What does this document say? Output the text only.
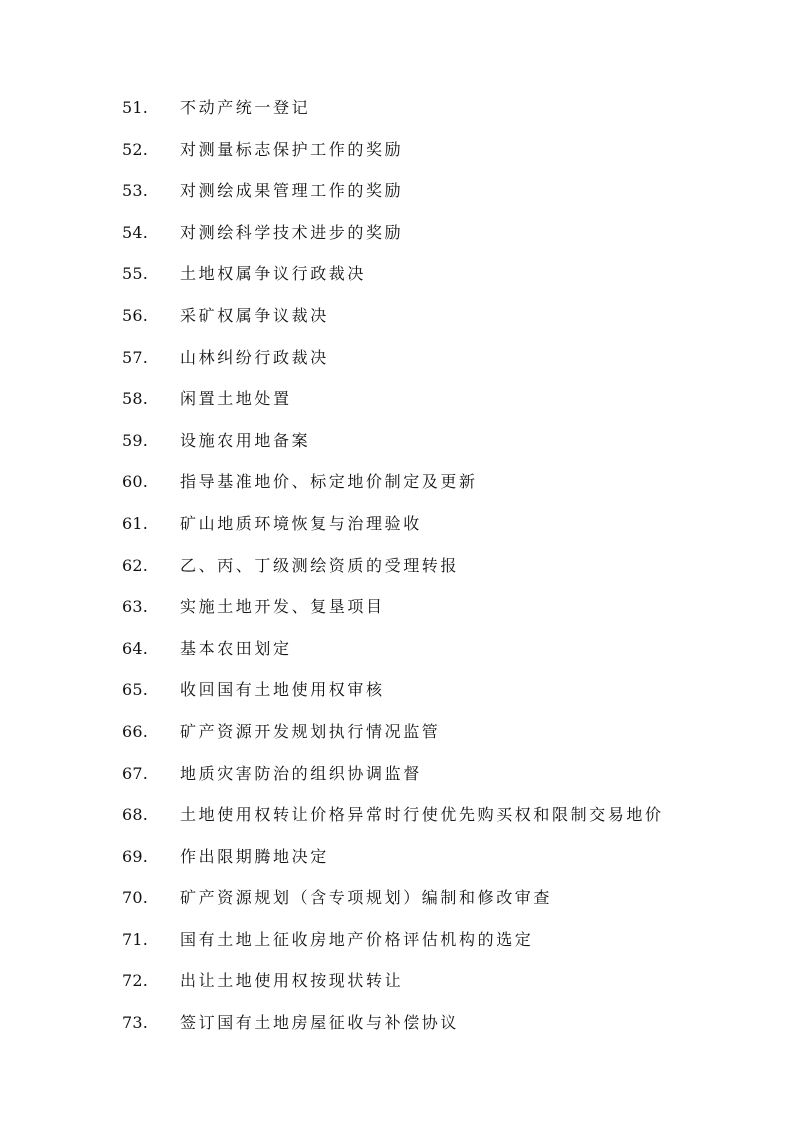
51. 不动产统一登记
52. 对测量标志保护工作的奖励
53. 对测绘成果管理工作的奖励
54. 对测绘科学技术进步的奖励
55. 土地权属争议行政裁决
56. 采矿权属争议裁决
57. 山林纠纷行政裁决
58. 闲置土地处置
59. 设施农用地备案
60. 指导基准地价、标定地价制定及更新
61. 矿山地质环境恢复与治理验收
62. 乙、丙、丁级测绘资质的受理转报
63. 实施土地开发、复垦项目
64. 基本农田划定
65. 收回国有土地使用权审核
66. 矿产资源开发规划执行情况监管
67. 地质灾害防治的组织协调监督
68. 土地使用权转让价格异常时行使优先购买权和限制交易地价
69. 作出限期腾地决定
70. 矿产资源规划（含专项规划）编制和修改审查
71. 国有土地上征收房地产价格评估机构的选定
72. 出让土地使用权按现状转让
73. 签订国有土地房屋征收与补偿协议
